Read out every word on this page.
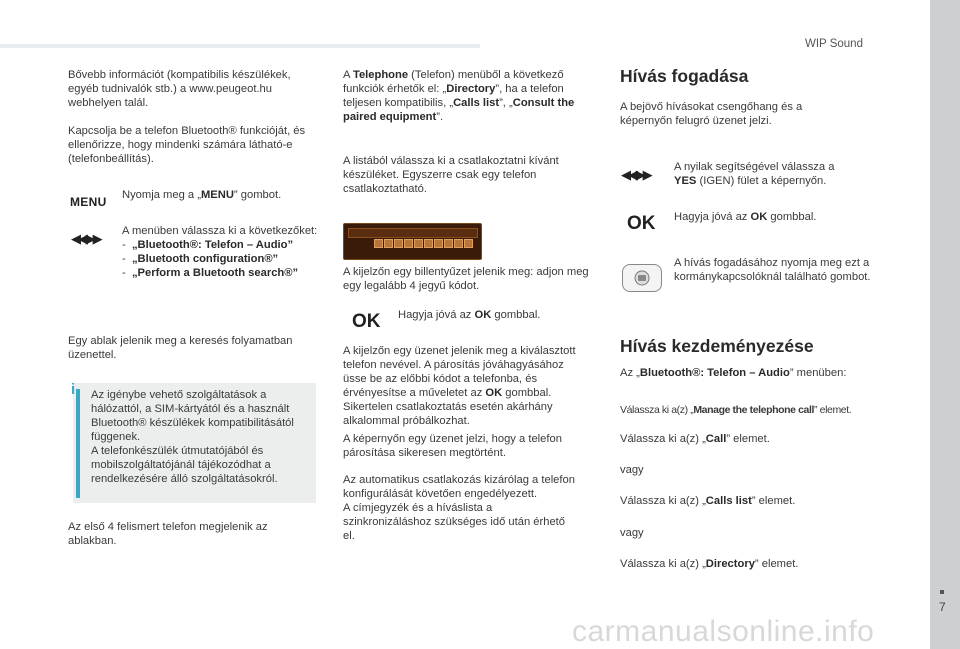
WIP Sound
7
Bővebb információt (kompatibilis készülékek, egyéb tudnivalók stb.) a www.peugeot.hu webhelyen talál.
Kapcsolja be a telefon Bluetooth® funkcióját, és ellenőrizze, hogy mindenki számára látható-e (telefonbeállítás).
MENU Nyomja meg a „MENU” gombot.
◀◀ ▶▶ A menüben válassza ki a következőket:
-  „Bluetooth®: Telefon – Audio”
-  „Bluetooth configuration®”
-  „Perform a Bluetooth search®”
Egy ablak jelenik meg a keresés folyamatban üzenettel.
i Az igénybe vehető szolgáltatások a
hálózattól, a SIM-kártyától és a használt
Bluetooth® készülékek kompatibilitásától
függenek.
A telefonkészülék útmutatójából és
mobilszolgáltatójánál tájékozódhat a
rendelkezésére álló szolgáltatásokról.
Az első 4 felismert telefon megjelenik az ablakban.
A Telephone (Telefon) menüből a következő
funkciók érhetők el: „Directory”, ha a telefon
teljesen kompatibilis, „Calls list”, „Consult the
paired equipment”.
A listából válassza ki a csatlakoztatni kívánt készüléket. Egyszerre csak egy telefon csatlakoztatható.
A kijelzőn egy billentyűzet jelenik meg: adjon meg egy legalább 4 jegyű kódot.
OK Hagyja jóvá az OK gombbal.
A kijelzőn egy üzenet jelenik meg a kiválasztott
telefon nevével. A párosítás jóváhagyásához
üsse be az előbbi kódot a telefonba, és
érvényesítse a műveletet az OK gombbal.
Sikertelen csatlakoztatás esetén akárhány
alkalommal próbálkozhat.
A képernyőn egy üzenet jelzi, hogy a telefon párosítása sikeresen megtörtént.
Az automatikus csatlakozás kizárólag a telefon
konfigurálását követően engedélyezett.
A címjegyzék és a híváslista a
szinkronizáláshoz szükséges idő után érhető
el.
Hívás fogadása
A bejövő hívásokat csengőhang és a képernyőn felugró üzenet jelzi.
◀◀ ▶▶ A nyilak segítségével válassza a
YES (IGEN) fület a képernyőn.
OK Hagyja jóvá az OK gombbal.
A hívás fogadásához nyomja meg ezt a kormánykapcsolóknál található gombot.
Hívás kezdeményezése
Az „Bluetooth®: Telefon – Audio” menüben:
Válassza ki a(z) „Manage the telephone call” elemet.
Válassza ki a(z) „Call” elemet.
vagy
Válassza ki a(z) „Calls list” elemet.
vagy
Válassza ki a(z) „Directory” elemet.
carmanualsonline.info
